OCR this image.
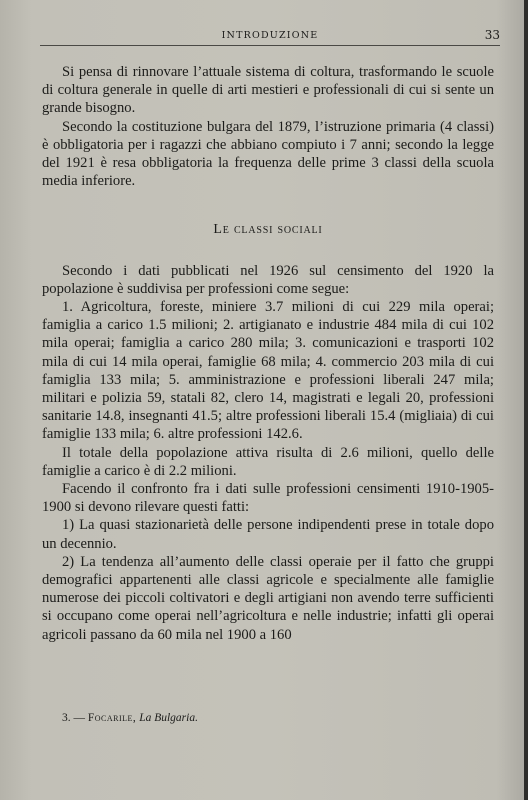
INTRODUZIONE	33

Si pensa di rinnovare l’attuale sistema di coltura, trasformando le scuole di coltura generale in quelle di arti mestieri e professionali di cui si sente un grande bisogno.

Secondo la costituzione bulgara del 1879, l’istruzione primaria (4 classi) è obbligatoria per i ragazzi che abbiano compiuto i 7 anni; secondo la legge del 1921 è resa obbligatoria la frequenza delle prime 3 classi della scuola media inferiore.

Le classi sociali

Secondo i dati pubblicati nel 1926 sul censimento del 1920 la popolazione è suddivisa per professioni come segue:

1. Agricoltura, foreste, miniere 3.7 milioni di cui 229 mila operai; famiglia a carico 1.5 milioni; 2. artigianato e industrie 484 mila di cui 102 mila operai; famiglia a carico 280 mila; 3. comunicazioni e trasporti 102 mila di cui 14 mila operai, famiglie 68 mila; 4. commercio 203 mila di cui famiglia 133 mila; 5. amministrazione e professioni liberali 247 mila; militari e polizia 59, statali 82, clero 14, magistrati e legali 20, professioni sanitarie 14.8, insegnanti 41.5; altre professioni liberali 15.4 (migliaia) di cui famiglie 133 mila; 6. altre professioni 142.6.

Il totale della popolazione attiva risulta di 2.6 milioni, quello delle famiglie a carico è di 2.2 milioni.

Facendo il confronto fra i dati sulle professioni censimenti 1910-1905-1900 si devono rilevare questi fatti:

1) La quasi stazionarietà delle persone indipendenti prese in totale dopo un decennio.

2) La tendenza all’aumento delle classi operaie per il fatto che gruppi demografici appartenenti alle classi agricole e specialmente alle famiglie numerose dei piccoli coltivatori e degli artigiani non avendo terre sufficienti si occupano come operai nell’agricoltura e nelle industrie; infatti gli operai agricoli passano da 60 mila nel 1900 a 160

3. — Focarile, La Bulgaria.
